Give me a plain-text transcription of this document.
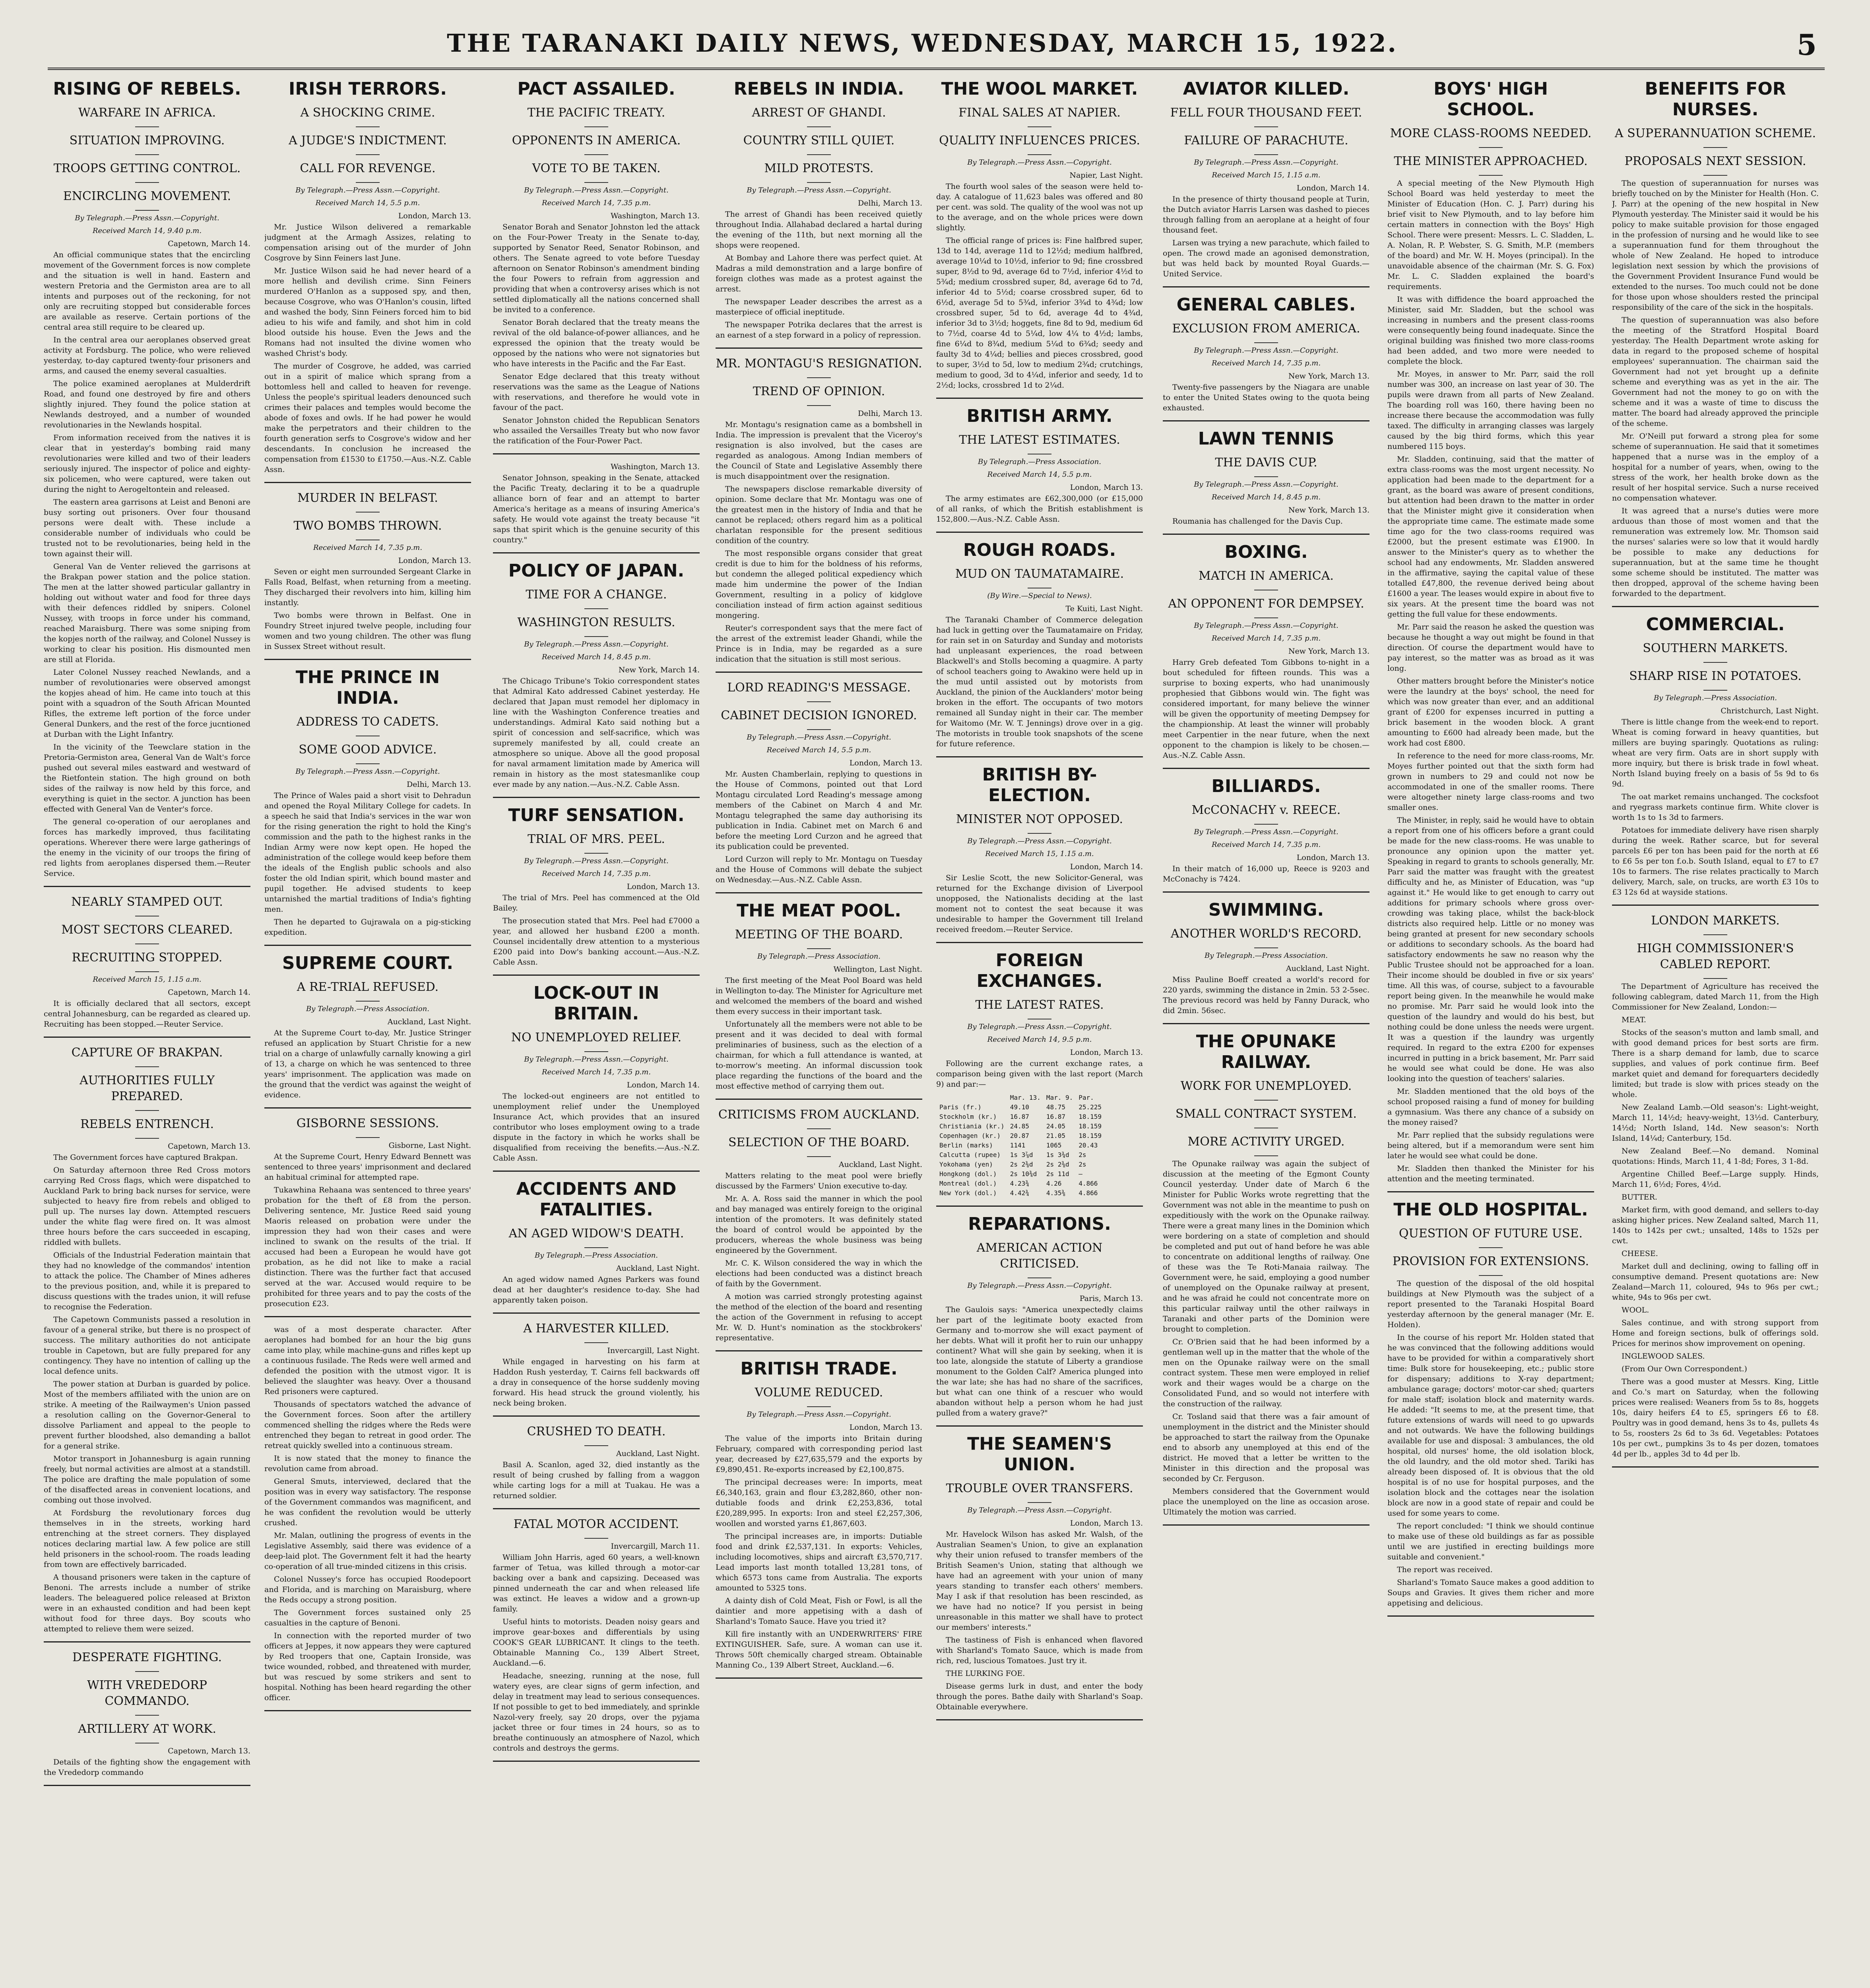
THE TARANAKI DAILY NEWS, WEDNESDAY, MARCH 15, 1922.	5
RISING OF REBELS.
WARFARE IN AFRICA.
SITUATION IMPROVING.
TROOPS GETTING CONTROL.
ENCIRCLING MOVEMENT.
By Telegraph.—Press Assn.—Copyright.
Received March 14, 9.40 p.m.
Capetown, March 14.

An official communique states that the encircling movement of the Government forces is now complete and the situation is well in hand. Eastern and western Pretoria and the Germiston area are to all intents and purposes out of the reckoning, for not only are recruiting stopped but considerable forces are available as reserve. Certain portions of the central area still require to be cleared up.

In the central area our aeroplanes observed great activity at Fordsburg. The police, who were relieved yesterday, to-day captured twenty-four prisoners and arms, and caused the enemy several casualties.

The police examined aeroplanes at Mulderdrift Road, and found one destroyed by fire and others slightly injured. They found the police station at Newlands destroyed, and a number of wounded revolutionaries in the Newlands hospital.

From information received from the natives it is clear that in yesterday's bombing raid many revolutionaries were killed and two of their leaders seriously injured. The inspector of police and eighty-six policemen, who were captured, were taken out during the night to Aerogeltontein and released.

The eastern area garrisons at Leist and Benoni are busy sorting out prisoners. Over four thousand persons were dealt with. These include a considerable number of individuals who could be trusted not to be revolutionaries, being held in the town against their will.

General Van de Venter relieved the garrisons at the Brakpan power station and the police station. The men at the latter showed particular gallantry in holding out without water and food for three days with their defences riddled by snipers. Colonel Nussey, with troops in force under his command, reached Maraisburg. There was some sniping from the kopjes north of the railway, and Colonel Nussey is working to clear his position. His dismounted men are still at Florida.

Later Colonel Nussey reached Newlands, and a number of revolutionaries were observed amongst the kopjes ahead of him. He came into touch at this point with a squadron of the South African Mounted Rifles, the extreme left portion of the force under General Dunkers, and the rest of the force jucntioned at Durban with the Light Infantry.

In the vicinity of the Teewclare station in the Pretoria-Germiston area, General Van de Walt's force pushed out several miles eastward and westward of the Rietfontein station. The high ground on both sides of the railway is now held by this force, and everything is quiet in the sector. A junction has been effected with General Van de Venter's force.

The general co-operation of our aeroplanes and forces has markedly improved, thus facilitating operations. Wherever there were large gatherings of the enemy in the vicinity of our troops the firing of red lights from aeroplanes dispersed them.—Reuter Service.

NEARLY STAMPED OUT.
MOST SECTORS CLEARED.
RECRUITING STOPPED.
Received March 15, 1.15 a.m.
Capetown, March 14.

It is officially declared that all sectors, except central Johannesburg, can be regarded as cleared up. Recruiting has been stopped.—Reuter Service.

CAPTURE OF BRAKPAN.
AUTHORITIES FULLY PREPARED.
REBELS ENTRENCH.
Capetown, March 13.

The Government forces have captured Brakpan.

On Saturday afternoon three Red Cross motors carrying Red Cross flags, which were dispatched to Auckland Park to bring back nurses for service, were subjected to heavy fire from rebels and obliged to pull up. The nurses lay down. Attempted rescuers under the white flag were fired on. It was almost three hours before the cars succeeded in escaping, riddled with bullets.

Officials of the Industrial Federation maintain that they had no knowledge of the commandos' intention to attack the police. The Chamber of Mines adheres to the previous position, and, while it is prepared to discuss questions with the trades union, it will refuse to recognise the Federation.

The Capetown Communists passed a resolution in favour of a general strike, but there is no prospect of success. The military authorities do not anticipate trouble in Capetown, but are fully prepared for any contingency. They have no intention of calling up the local defence units.

The power station at Durban is guarded by police. Most of the members affiliated with the union are on strike. A meeting of the Railwaymen's Union passed a resolution calling on the Governor-General to dissolve Parliament and appeal to the people to prevent further bloodshed, also demanding a ballot for a general strike.

Motor transport in Johannesburg is again running freely, but normal activities are almost at a standstill. The police are drafting the male population of some of the disaffected areas in convenient locations, and combing out those involved.

At Fordsburg the revolutionary forces dug themselves in in the streets, working hard entrenching at the street corners. They displayed notices declaring martial law. A few police are still held prisoners in the school-room. The roads leading from town are effectively barricaded.

A thousand prisoners were taken in the capture of Benoni. The arrests include a number of strike leaders. The beleaguered police released at Brixton were in an exhausted condition and had been kept without food for three days. Boy scouts who attempted to relieve them were seized.

DESPERATE FIGHTING.
WITH VREDEDORP COMMANDO.
ARTILLERY AT WORK.
Capetown, March 13.

Details of the fighting show the engagement with the Vrededorp commando

IRISH TERRORS.
A SHOCKING CRIME.
A JUDGE'S INDICTMENT.
CALL FOR REVENGE.
By Telegraph.—Press Assn.—Copyright.
Received March 14, 5.5 p.m.
London, March 13.

Mr. Justice Wilson delivered a remarkable judgment at the Armagh Assizes, relating to compensation arising out of the murder of John Cosgrove by Sinn Feiners last June.

Mr. Justice Wilson said he had never heard of a more hellish and devilish crime. Sinn Feiners murdered O'Hanlon as a supposed spy, and then, because Cosgrove, who was O'Hanlon's cousin, lifted and washed the body, Sinn Feiners forced him to bid adieu to his wife and family, and shot him in cold blood outside his house. Even the Jews and the Romans had not insulted the divine women who washed Christ's body.

The murder of Cosgrove, he added, was carried out in a spirit of malice which sprang from a bottomless hell and called to heaven for revenge. Unless the people's spiritual leaders denounced such crimes their palaces and temples would become the abode of foxes and owls. If he had power he would make the perpetrators and their children to the fourth generation serfs to Cosgrove's widow and her descendants. In conclusion he increased the compensation from £1530 to £1750.—Aus.-N.Z. Cable Assn.

MURDER IN BELFAST.
TWO BOMBS THROWN.
Received March 14, 7.35 p.m.
London, March 13.

Seven or eight men surrounded Sergeant Clarke in Falls Road, Belfast, when returning from a meeting. They discharged their revolvers into him, killing him instantly.

Two bombs were thrown in Belfast. One in Foundry Street injured twelve people, including four women and two young children. The other was flung in Sussex Street without result.

THE PRINCE IN INDIA.
ADDRESS TO CADETS.
SOME GOOD ADVICE.
By Telegraph.—Press Assn.—Copyright.
Delhi, March 13.

The Prince of Wales paid a short visit to Dehradun and opened the Royal Military College for cadets. In a speech he said that India's services in the war won for the rising generation the right to hold the King's commission and the path to the highest ranks in the Indian Army were now kept open. He hoped the administration of the college would keep before them the ideals of the English public schools and also foster the old Indian spirit, which bound master and pupil together. He advised students to keep untarnished the martial traditions of India's fighting men.

Then he departed to Gujrawala on a pig-sticking expedition.

SUPREME COURT.
A RE-TRIAL REFUSED.
By Telegraph.—Press Association.
Auckland, Last Night.

At the Supreme Court to-day, Mr. Justice Stringer refused an application by Stuart Christie for a new trial on a charge of unlawfully carnally knowing a girl of 13, a charge on which he was sentenced to three years' imprisonment. The application was made on the ground that the verdict was against the weight of evidence.

GISBORNE SESSIONS.
Gisborne, Last Night.

At the Supreme Court, Henry Edward Bennett was sentenced to three years' imprisonment and declared an habitual criminal for attempted rape.

Tukawhina Rehaana was sentenced to three years' probation for the theft of £8 from the person. Delivering sentence, Mr. Justice Reed said young Maoris released on probation were under the impression they had won their cases and were inclined to swank on the results of the trial. If accused had been a European he would have got probation, as he did not like to make a racial distinction. There was the further fact that accused served at the war. Accused would require to be prohibited for three years and to pay the costs of the prosecution £23.

was of a most desperate character. After aeroplanes had bombed for an hour the big guns came into play, while machine-guns and rifles kept up a continuous fusilade. The Reds were well armed and defended the position with the utmost vigor. It is believed the slaughter was heavy. Over a thousand Red prisoners were captured.

Thousands of spectators watched the advance of the Government forces. Soon after the artillery commenced shelling the ridges where the Reds were entrenched they began to retreat in good order. The retreat quickly swelled into a continuous stream.

It is now stated that the money to finance the revolution came from abroad.

General Smuts, interviewed, declared that the position was in every way satisfactory. The response of the Government commandos was magnificent, and he was confident the revolution would be utterly crushed.

Mr. Malan, outlining the progress of events in the Legislative Assembly, said there was evidence of a deep-laid plot. The Government felt it had the hearty co-operation of all true-minded citizens in this crisis.

Colonel Nussey's force has occupied Roodepoort and Florida, and is marching on Maraisburg, where the Reds occupy a strong position.

The Government forces sustained only 25 casualties in the capture of Benoni.

In connection with the reported murder of two officers at Jeppes, it now appears they were captured by Red troopers that one, Captain Ironside, was twice wounded, robbed, and threatened with murder, but was rescued by some strikers and sent to hospital. Nothing has been heard regarding the other officer.

PACT ASSAILED.
THE PACIFIC TREATY.
OPPONENTS IN AMERICA.
VOTE TO BE TAKEN.
By Telegraph.—Press Assn.—Copyright.
Received March 14, 7.35 p.m.
Washington, March 13.

Senator Borah and Senator Johnston led the attack on the Four-Power Treaty in the Senate to-day, supported by Senator Reed, Senator Robinson, and others. The Senate agreed to vote before Tuesday afternoon on Senator Robinson's amendment binding the four Powers to refrain from aggression and providing that when a controversy arises which is not settled diplomatically all the nations concerned shall be invited to a conference.

Senator Borah declared that the treaty means the revival of the old balance-of-power alliances, and he expressed the opinion that the treaty would be opposed by the nations who were not signatories but who have interests in the Pacific and the Far East.

Senator Edge declared that this treaty without reservations was the same as the League of Nations with reservations, and therefore he would vote in favour of the pact.

Senator Johnston chided the Republican Senators who assailed the Versailles Treaty but who now favor the ratification of the Four-Power Pact.

Washington, March 13.

Senator Johnson, speaking in the Senate, attacked the Pacific Treaty, declaring it to be a quadruple alliance born of fear and an attempt to barter America's heritage as a means of insuring America's safety. He would vote against the treaty because "it saps that spirit which is the genuine security of this country."

POLICY OF JAPAN.
TIME FOR A CHANGE.
WASHINGTON RESULTS.
By Telegraph.—Press Assn.—Copyright.
Received March 14, 8.45 p.m.
New York, March 14.

The Chicago Tribune's Tokio correspondent states that Admiral Kato addressed Cabinet yesterday. He declared that Japan must remodel her diplomacy in line with the Washington Conference treaties and understandings. Admiral Kato said nothing but a spirit of concession and self-sacrifice, which was supremely manifested by all, could create an atmosphere so unique. Above all the good proposal for naval armament limitation made by America will remain in history as the most statesmanlike coup ever made by any nation.—Aus.-N.Z. Cable Assn.

TURF SENSATION.
TRIAL OF MRS. PEEL.
By Telegraph.—Press Assn.—Copyright.
Received March 14, 7.35 p.m.
London, March 13.

The trial of Mrs. Peel has commenced at the Old Bailey.

The prosecution stated that Mrs. Peel had £7000 a year, and allowed her husband £200 a month. Counsel incidentally drew attention to a mysterious £200 paid into Dow's banking account.—Aus.-N.Z. Cable Assn.

LOCK-OUT IN BRITAIN.
NO UNEMPLOYED RELIEF.
By Telegraph.—Press Assn.—Copyright.
Received March 14, 7.35 p.m.
London, March 14.

The locked-out engineers are not entitled to unemployment relief under the Unemployed Insurance Act, which provides that an insured contributor who loses employment owing to a trade dispute in the factory in which he works shall be disqualified from receiving the benefits.—Aus.-N.Z. Cable Assn.

ACCIDENTS AND FATALITIES.
AN AGED WIDOW'S DEATH.
By Telegraph.—Press Association.
Auckland, Last Night.

An aged widow named Agnes Parkers was found dead at her daughter's residence to-day. She had apparently taken poison.

A HARVESTER KILLED.
Invercargill, Last Night.

While engaged in harvesting on his farm at Haddon Rush yesterday, T. Cairns fell backwards off a dray in consequence of the horse suddenly moving forward. His head struck the ground violently, his neck being broken.

CRUSHED TO DEATH.
Auckland, Last Night.

Basil A. Scanlon, aged 32, died instantly as the result of being crushed by falling from a waggon while carting logs for a mill at Tuakau. He was a returned soldier.

FATAL MOTOR ACCIDENT.
Invercargill, March 11.

William John Harris, aged 60 years, a well-known farmer of Tetua, was killed through a motor-car backing over a bank and capsizing. Deceased was pinned underneath the car and when released life was extinct. He leaves a widow and a grown-up family.

Useful hints to motorists. Deaden noisy gears and improve gear-boxes and differentials by using COOK'S GEAR LUBRICANT. It clings to the teeth. Obtainable Manning Co., 139 Albert Street, Auckland.—6.

Headache, sneezing, running at the nose, full watery eyes, are clear signs of germ infection, and delay in treatment may lead to serious consequences. If not possible to get to bed immediately, and sprinkle Nazol-very freely, say 20 drops, over the pyjama jacket three or four times in 24 hours, so as to breathe continuously an atmosphere of Nazol, which controls and destroys the germs.

REBELS IN INDIA.
ARREST OF GHANDI.
COUNTRY STILL QUIET.
MILD PROTESTS.
By Telegraph.—Press Assn.—Copyright.
Delhi, March 13.

The arrest of Ghandi has been received quietly throughout India. Allahabad declared a hartal during the evening of the 11th, but next morning all the shops were reopened.

At Bombay and Lahore there was perfect quiet. At Madras a mild demonstration and a large bonfire of foreign clothes was made as a protest against the arrest.

The newspaper Leader describes the arrest as a masterpiece of official ineptitude.

The newspaper Potrika declares that the arrest is an earnest of a step forward in a policy of repression.

MR. MONTAGU'S RESIGNATION.
TREND OF OPINION.
Delhi, March 13.

Mr. Montagu's resignation came as a bombshell in India. The impression is prevalent that the Viceroy's resignation is also involved, but the cases are regarded as analogous. Among Indian members of the Council of State and Legislative Assembly there is much disappointment over the resignation.

The newspapers disclose remarkable diversity of opinion. Some declare that Mr. Montagu was one of the greatest men in the history of India and that he cannot be replaced; others regard him as a political charlatan responsible for the present seditious condition of the country.

The most responsible organs consider that great credit is due to him for the boldness of his reforms, but condemn the alleged political expediency which made him undermine the power of the Indian Government, resulting in a policy of kidglove conciliation instead of firm action against seditious mongering.

Reuter's correspondent says that the mere fact of the arrest of the extremist leader Ghandi, while the Prince is in India, may be regarded as a sure indication that the situation is still most serious.

LORD READING'S MESSAGE.
CABINET DECISION IGNORED.
By Telegraph.—Press Assn.—Copyright.
Received March 14, 5.5 p.m.
London, March 13.

Mr. Austen Chamberlain, replying to questions in the House of Commons, pointed out that Lord Montagu circulated Lord Reading's message among members of the Cabinet on March 4 and Mr. Montagu telegraphed the same day authorising its publication in India. Cabinet met on March 6 and before the meeting Lord Curzon and he agreed that its publication could be prevented.

Lord Curzon will reply to Mr. Montagu on Tuesday and the House of Commons will debate the subject on Wednesday.—Aus.-N.Z. Cable Assn.

THE MEAT POOL.
MEETING OF THE BOARD.
By Telegraph.—Press Association.
Wellington, Last Night.

The first meeting of the Meat Pool Board was held in Wellington to-day. The Minister for Agriculture met and welcomed the members of the board and wished them every success in their important task.

Unfortunately all the members were not able to be present and it was decided to deal with formal preliminaries of business, such as the election of a chairman, for which a full attendance is wanted, at to-morrow's meeting. An informal discussion took place regarding the functions of the board and the most effective method of carrying them out.

CRITICISMS FROM AUCKLAND.
SELECTION OF THE BOARD.
Auckland, Last Night.

Matters relating to the meat pool were briefly discussed by the Farmers' Union executive to-day.

Mr. A. A. Ross said the manner in which the pool and bay managed was entirely foreign to the original intention of the promoters. It was definitely stated the board of control would be appointed by the producers, whereas the whole business was being engineered by the Government.

Mr. C. K. Wilson considered the way in which the elections had been conducted was a distinct breach of faith by the Government.

A motion was carried strongly protesting against the method of the election of the board and resenting the action of the Government in refusing to accept Mr. W. D. Hunt's nomination as the stockbrokers' representative.

BRITISH TRADE.
VOLUME REDUCED.
By Telegraph.—Press Assn.—Copyright.
London, March 13.

The value of the imports into Britain during February, compared with corresponding period last year, decreased by £27,635,579 and the exports by £9,890,451. Re-exports increased by £2,100,875.

The principal decreases were: In imports, meat £6,340,163, grain and flour £3,282,860, other non-dutiable foods and drink £2,253,836, total £20,289,995. In exports: Iron and steel £2,257,306, woollen and worsted yarns £1,867,603.

The principal increases are, in imports: Dutiable food and drink £2,537,131. In exports: Vehicles, including locomotives, ships and aircraft £3,570,717. Lead imports last month totalled 13,281 tons, of which 6573 tons came from Australia. The exports amounted to 5325 tons.

A dainty dish of Cold Meat, Fish or Fowl, is all the daintier and more appetising with a dash of Sharland's Tomato Sauce. Have you tried it?

Kill fire instantly with an UNDERWRITERS' FIRE EXTINGUISHER. Safe, sure. A woman can use it. Throws 50ft chemically charged stream. Obtainable Manning Co., 139 Albert Street, Auckland.—6.

THE WOOL MARKET.
FINAL SALES AT NAPIER.
QUALITY INFLUENCES PRICES.
By Telegraph.—Press Assn.—Copyright.
Napier, Last Night.

The fourth wool sales of the season were held to-day. A catalogue of 11,623 bales was offered and 80 per cent. was sold. The quality of the wool was not up to the average, and on the whole prices were down slightly.

The official range of prices is: Fine halfbred super, 13d to 14d, average 11d to 12½d; medium halfbred, average 10¼d to 10½d, inferior to 9d; fine crossbred super, 8½d to 9d, average 6d to 7½d, inferior 4½d to 5¾d; medium crossbred super, 8d, average 6d to 7d, inferior 4d to 5½d; coarse crossbred super, 6d to 6½d, average 5d to 5¾d, inferior 3¾d to 4¾d; low crossbred super, 5d to 6d, average 4d to 4¾d, inferior 3d to 3½d; hoggets, fine 8d to 9d, medium 6d to 7½d, coarse 4d to 5¼d, low 4¼ to 4½d; lambs, fine 6¼d to 8¾d, medium 5¼d to 6¾d; seedy and faulty 3d to 4¼d; bellies and pieces crossbred, good to super, 3½d to 5d, low to medium 2¾d; crutchings, medium to good, 3d to 4¼d, inferior and seedy, 1d to 2½d; locks, crossbred 1d to 2¼d.

BRITISH ARMY.
THE LATEST ESTIMATES.
By Telegraph.—Press Association.
Received March 14, 5.5 p.m.
London, March 13.

The army estimates are £62,300,000 (or £15,000 of all ranks, of which the British establishment is 152,800.—Aus.-N.Z. Cable Assn.

ROUGH ROADS.
MUD ON TAUMATAMAIRE.
(By Wire.—Special to News).
Te Kuiti, Last Night.

The Taranaki Chamber of Commerce delegation had luck in getting over the Taumatamaire on Friday, for rain set in on Saturday and Sunday and motorists had unpleasant experiences, the road between Blackwell's and Stolls becoming a quagmire. A party of school teachers going to Awakino were held up in the mud until assisted out by motorists from Auckland, the pinion of the Aucklanders' motor being broken in the effort. The occupants of two motors remained all Sunday night in their car. The member for Waitomo (Mr. W. T. Jennings) drove over in a gig. The motorists in trouble took snapshots of the scene for future reference.

BRITISH BY-ELECTION.
MINISTER NOT OPPOSED.
By Telegraph.—Press Assn.—Copyright.
Received March 15, 1.15 a.m.
London, March 14.

Sir Leslie Scott, the new Solicitor-General, was returned for the Exchange division of Liverpool unopposed, the Nationalists deciding at the last moment not to contest the seat because it was undesirable to hamper the Government till Ireland received freedom.—Reuter Service.

FOREIGN EXCHANGES.
THE LATEST RATES.
By Telegraph.—Press Assn.—Copyright.
Received March 14, 9.5 p.m.
London, March 13.

Following are the current exchange rates, a comparison being given with the last report (March 9) and par:—

	Mar. 13.	Mar. 9.	Par.
Paris (fr.)	49.10	48.75	25.225
Stockholm (kr.)	16.87	16.87	18.159
Christiania (kr.)	24.85	24.05	18.159
Copenhagen (kr.)	20.87	21.05	18.159
Berlin (marks)	1141	1065	20.43
Calcutta (rupee)	1s 3⅞d	1s 3¾d	2s
Yokohama (yen)	2s 2⅜d	2s 2⅜d	2s
Hongkong (dol.)	2s 10¾d	2s 11d	—
Montreal (dol.)	4.23¾	4.26	4.866
New York (dol.)	4.42¾	4.35⅜	4.866
REPARATIONS.
AMERICAN ACTION CRITICISED.
By Telegraph.—Press Assn.—Copyright.
Paris, March 13.

The Gaulois says: "America unexpectedly claims her part of the legitimate booty exacted from Germany and to-morrow she will exact payment of her debts. What will it profit her to ruin our unhappy continent? What will she gain by seeking, when it is too late, alongside the statute of Liberty a grandiose monument to the Golden Calf? America plunged into the war late; she has had no share of the sacrifices, but what can one think of a rescuer who would abandon without help a person whom he had just pulled from a watery grave?"

THE SEAMEN'S UNION.
TROUBLE OVER TRANSFERS.
By Telegraph.—Press Assn.—Copyright.
London, March 13.

Mr. Havelock Wilson has asked Mr. Walsh, of the Australian Seamen's Union, to give an explanation why their union refused to transfer members of the British Seamen's Union, stating that although we have had an agreement with your union of many years standing to transfer each others' members. May I ask if that resolution has been rescinded, as we have had no notice? If you persist in being unreasonable in this matter we shall have to protect our members' interests."

The tastiness of Fish is enhanced when flavored with Sharland's Tomato Sauce, which is made from rich, red, luscious Tomatoes. Just try it.

THE LURKING FOE.

Disease germs lurk in dust, and enter the body through the pores. Bathe daily with Sharland's Soap. Obtainable everywhere.

AVIATOR KILLED.
FELL FOUR THOUSAND FEET.
FAILURE OF PARACHUTE.
By Telegraph.—Press Assn.—Copyright.
Received March 15, 1.15 a.m.
London, March 14.

In the presence of thirty thousand people at Turin, the Dutch aviator Harris Larsen was dashed to pieces through falling from an aeroplane at a height of four thousand feet.

Larsen was trying a new parachute, which failed to open. The crowd made an agonised demonstration, but was held back by mounted Royal Guards.—United Service.

GENERAL CABLES.
EXCLUSION FROM AMERICA.
By Telegraph.—Press Assn.—Copyright.
Received March 14, 7.35 p.m.
New York, March 13.

Twenty-five passengers by the Niagara are unable to enter the United States owing to the quota being exhausted.

LAWN TENNIS
THE DAVIS CUP.
By Telegraph.—Press Assn.—Copyright.
Received March 14, 8.45 p.m.
New York, March 13.

Roumania has challenged for the Davis Cup.

BOXING.
MATCH IN AMERICA.
AN OPPONENT FOR DEMPSEY.
By Telegraph.—Press Assn.—Copyright.
Received March 14, 7.35 p.m.
New York, March 13.

Harry Greb defeated Tom Gibbons to-night in a bout scheduled for fifteen rounds. This was a surprise to boxing experts, who had unanimously prophesied that Gibbons would win. The fight was considered important, for many believe the winner will be given the opportunity of meeting Dempsey for the championship. At least the winner will probably meet Carpentier in the near future, when the next opponent to the champion is likely to be chosen.—Aus.-N.Z. Cable Assn.

BILLIARDS.
McCONACHY v. REECE.
By Telegraph.—Press Assn.—Copyright.
Received March 14, 7.35 p.m.
London, March 13.

In their match of 16,000 up, Reece is 9203 and McConachy is 7424.

SWIMMING.
ANOTHER WORLD'S RECORD.
By Telegraph.—Press Association.
Auckland, Last Night.

Miss Pauline Boeff created a world's record for 220 yards, swimming the distance in 2min. 53 2-5sec. The previous record was held by Fanny Durack, who did 2min. 56sec.

THE OPUNAKE RAILWAY.
WORK FOR UNEMPLOYED.
SMALL CONTRACT SYSTEM.
MORE ACTIVITY URGED.

The Opunake railway was again the subject of discussion at the meeting of the Egmont County Council yesterday. Under date of March 6 the Minister for Public Works wrote regretting that the Government was not able in the meantime to push on expeditiously with the work on the Opunake railway. There were a great many lines in the Dominion which were bordering on a state of completion and should be completed and put out of hand before he was able to concentrate on additional lengths of railway. One of these was the Te Roti-Manaia railway. The Government were, he said, employing a good number of unemployed on the Opunake railway at present, and he was afraid he could not concentrate more on this particular railway until the other railways in Taranaki and other parts of the Dominion were brought to completion.

Cr. O'Brien said that he had been informed by a gentleman well up in the matter that the whole of the men on the Opunake railway were on the small contract system. These men were employed in relief work and their wages would be a charge on the Consolidated Fund, and so would not interfere with the construction of the railway.

Cr. Tosland said that there was a fair amount of unemployment in the district and the Minister should be approached to start the railway from the Opunake end to absorb any unemployed at this end of the district. He moved that a letter be written to the Minister in this direction and the proposal was seconded by Cr. Ferguson.

Members considered that the Government would place the unemployed on the line as occasion arose. Ultimately the motion was carried.

BOYS' HIGH SCHOOL.
MORE CLASS-ROOMS NEEDED.
THE MINISTER APPROACHED.

A special meeting of the New Plymouth High School Board was held yesterday to meet the Minister of Education (Hon. C. J. Parr) during his brief visit to New Plymouth, and to lay before him certain matters in connection with the Boys' High School. There were present: Messrs. L. C. Sladden, L. A. Nolan, R. P. Webster, S. G. Smith, M.P. (members of the board) and Mr. W. H. Moyes (principal). In the unavoidable absence of the chairman (Mr. S. G. Fox) Mr. L. C. Sladden explained the board's requirements.

It was with diffidence the board approached the Minister, said Mr. Sladden, but the school was increasing in numbers and the present class-rooms were consequently being found inadequate. Since the original building was finished two more class-rooms had been added, and two more were needed to complete the block.

Mr. Moyes, in answer to Mr. Parr, said the roll number was 300, an increase on last year of 30. The pupils were drawn from all parts of New Zealand. The boarding roll was 160, there having been no increase there because the accommodation was fully taxed. The difficulty in arranging classes was largely caused by the big third forms, which this year numbered 115 boys.

Mr. Sladden, continuing, said that the matter of extra class-rooms was the most urgent necessity. No application had been made to the department for a grant, as the board was aware of present conditions, but attention had been drawn to the matter in order that the Minister might give it consideration when the appropriate time came. The estimate made some time ago for the two class-rooms required was £2000, but the present estimate was £1900. In answer to the Minister's query as to whether the school had any endowments, Mr. Sladden answered in the affirmative, saying the capital value of these totalled £47,800, the revenue derived being about £1600 a year. The leases would expire in about five to six years. At the present time the board was not getting the full value for these endowments.

Mr. Parr said the reason he asked the question was because he thought a way out might be found in that direction. Of course the department would have to pay interest, so the matter was as broad as it was long.

Other matters brought before the Minister's notice were the laundry at the boys' school, the need for which was now greater than ever, and an additional grant of £200 for expenses incurred in putting a brick basement in the wooden block. A grant amounting to £600 had already been made, but the work had cost £800.

In reference to the need for more class-rooms, Mr. Moyes further pointed out that the sixth form had grown in numbers to 29 and could not now be accommodated in one of the smaller rooms. There were altogether ninety large class-rooms and two smaller ones.

The Minister, in reply, said he would have to obtain a report from one of his officers before a grant could be made for the new class-rooms. He was unable to pronounce any opinion upon the matter yet. Speaking in regard to grants to schools generally, Mr. Parr said the matter was fraught with the greatest difficulty and he, as Minister of Education, was "up against it." He would like to get enough to carry out additions for primary schools where gross over-crowding was taking place, whilst the back-block districts also required help. Little or no money was being granted at present for new secondary schools or additions to secondary schools. As the board had satisfactory endowments he saw no reason why the Public Trustee should not be approached for a loan. Their income should be doubled in five or six years' time. All this was, of course, subject to a favourable report being given. In the meanwhile he would make no promise. Mr. Parr said he would look into the question of the laundry and would do his best, but nothing could be done unless the needs were urgent. It was a question if the laundry was urgently required. In regard to the extra £200 for expenses incurred in putting in a brick basement, Mr. Parr said he would see what could be done. He was also looking into the question of teachers' salaries.

Mr. Sladden mentioned that the old boys of the school proposed raising a fund of money for building a gymnasium. Was there any chance of a subsidy on the money raised?

Mr. Parr replied that the subsidy regulations were being altered, but if a memorandum were sent him later he would see what could be done.

Mr. Sladden then thanked the Minister for his attention and the meeting terminated.

THE OLD HOSPITAL.
QUESTION OF FUTURE USE.
PROVISION FOR EXTENSIONS.

The question of the disposal of the old hospital buildings at New Plymouth was the subject of a report presented to the Taranaki Hospital Board yesterday afternoon by the general manager (Mr. E. Holden).

In the course of his report Mr. Holden stated that he was convinced that the following additions would have to be provided for within a comparatively short time: Bulk store for housekeeping, etc.; public store for dispensary; additions to X-ray department; ambulance garage; doctors' motor-car shed; quarters for male staff; isolation block and maternity wards. He added: "It seems to me, at the present time, that future extensions of wards will need to go upwards and not outwards. We have the following buildings available for use and disposal: 3 ambulances, the old hospital, old nurses' home, the old isolation block, the old laundry, and the old motor shed. Tariki has already been disposed of. It is obvious that the old hospital is of no use for hospital purposes, and the isolation block and the cottages near the isolation block are now in a good state of repair and could be used for some years to come.

The report concluded: "I think we should continue to make use of these old buildings as far as possible until we are justified in erecting buildings more suitable and convenient."

The report was received.

Sharland's Tomato Sauce makes a good addition to Soups and Gravies. It gives them richer and more appetising and delicious.

BENEFITS FOR NURSES.
A SUPERANNUATION SCHEME.
PROPOSALS NEXT SESSION.

The question of superannuation for nurses was briefly touched on by the Minister for Health (Hon. C. J. Parr) at the opening of the new hospital in New Plymouth yesterday. The Minister said it would be his policy to make suitable provision for those engaged in the profession of nursing and he would like to see a superannuation fund for them throughout the whole of New Zealand. He hoped to introduce legislation next session by which the provisions of the Government Provident Insurance Fund would be extended to the nurses. Too much could not be done for those upon whose shoulders rested the principal responsibility of the care of the sick in the hospitals.

The question of superannuation was also before the meeting of the Stratford Hospital Board yesterday. The Health Department wrote asking for data in regard to the proposed scheme of hospital employees' superannuation. The chairman said the Government had not yet brought up a definite scheme and everything was as yet in the air. The Government had not the money to go on with the scheme and it was a waste of time to discuss the matter. The board had already approved the principle of the scheme.

Mr. O'Neill put forward a strong plea for some scheme of superannuation. He said that it sometimes happened that a nurse was in the employ of a hospital for a number of years, when, owing to the stress of the work, her health broke down as the result of her hospital service. Such a nurse received no compensation whatever.

It was agreed that a nurse's duties were more arduous than those of most women and that the remuneration was extremely low. Mr. Thomson said the nurses' salaries were so low that it would hardly be possible to make any deductions for superannuation, but at the same time he thought some scheme should be instituted. The matter was then dropped, approval of the scheme having been forwarded to the department.

COMMERCIAL.
SOUTHERN MARKETS.
SHARP RISE IN POTATOES.
By Telegraph.—Press Association.
Christchurch, Last Night.

There is little change from the week-end to report. Wheat is coming forward in heavy quantities, but millers are buying sparingly. Quotations as ruling: wheat are very firm. Oats are in short supply with more inquiry, but there is brisk trade in fowl wheat. North Island buying freely on a basis of 5s 9d to 6s 9d.

The oat market remains unchanged. The cocksfoot and ryegrass markets continue firm. White clover is worth 1s to 1s 3d to farmers.

Potatoes for immediate delivery have risen sharply during the week. Rather scarce, but for several parcels £6 per ton has been paid for the north at £6 to £6 5s per ton f.o.b. South Island, equal to £7 to £7 10s to farmers. The rise relates practically to March delivery, March, sale, on trucks, are worth £3 10s to £3 12s 6d at wayside stations.

LONDON MARKETS.
HIGH COMMISSIONER'S CABLED REPORT.

The Department of Agriculture has received the following cablegram, dated March 11, from the High Commissioner for New Zealand, London:—

MEAT.

Stocks of the season's mutton and lamb small, and with good demand prices for best sorts are firm. There is a sharp demand for lamb, due to scarce supplies, and values of pork continue firm. Beef market quiet and demand for forequarters decidedly limited; but trade is slow with prices steady on the whole.

New Zealand Lamb.—Old season's: Light-weight, March 11, 14½d; heavy-weight, 13½d. Canterbury, 14½d; North Island, 14d. New season's: North Island, 14¼d; Canterbury, 15d.

New Zealand Beef.—No demand. Nominal quotations: Hinds, March 11, 4 1-8d; Fores, 3 1-8d.

Argentine Chilled Beef.—Large supply. Hinds, March 11, 6½d; Fores, 4½d.

BUTTER.

Market firm, with good demand, and sellers to-day asking higher prices. New Zealand salted, March 11, 140s to 142s per cwt.; unsalted, 148s to 152s per cwt.

CHEESE.

Market dull and declining, owing to falling off in consumptive demand. Present quotations are: New Zealand—March 11, coloured, 94s to 96s per cwt.; white, 94s to 96s per cwt.

WOOL.

Sales continue, and with strong support from Home and foreign sections, bulk of offerings sold. Prices for merinos show improvement on opening.

INGLEWOOD SALES.

(From Our Own Correspondent.)

There was a good muster at Messrs. King, Little and Co.'s mart on Saturday, when the following prices were realised: Weaners from 5s to 8s, hoggets 10s, dairy heifers £4 to £5, springers £6 to £8. Poultry was in good demand, hens 3s to 4s, pullets 4s to 5s, roosters 2s 6d to 3s 6d. Vegetables: Potatoes 10s per cwt., pumpkins 3s to 4s per dozen, tomatoes 4d per lb., apples 3d to 4d per lb.
